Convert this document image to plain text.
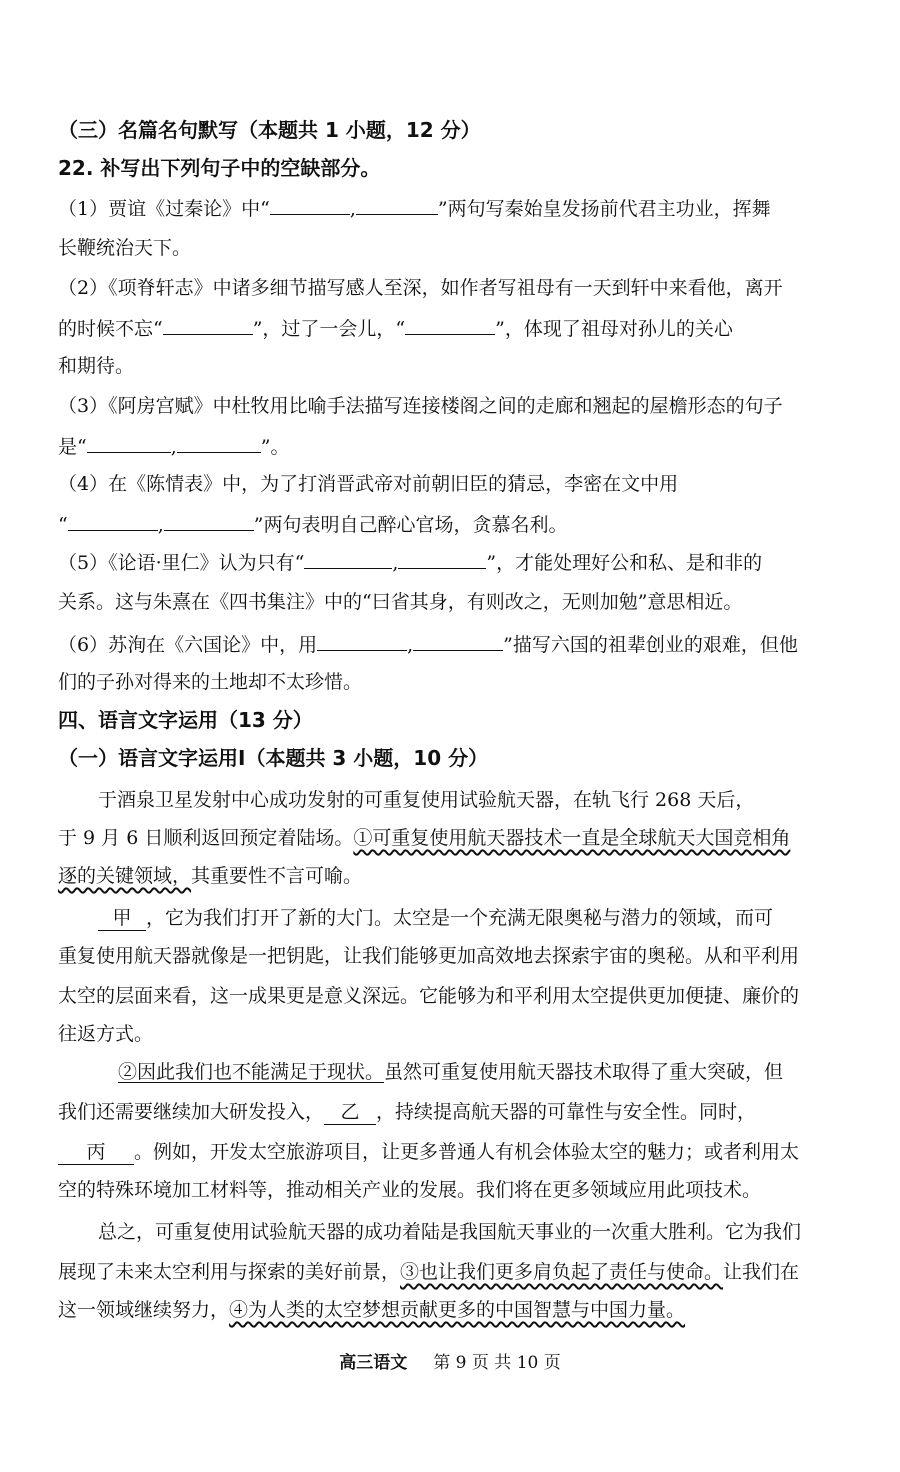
（三）名篇名句默写（本题共 1 小题，12 分）
22. 补写出下列句子中的空缺部分。
（1）贾谊《过秦论》中“	,	”两句写秦始皇发扬前代君主功业，挥舞
长鞭统治天下。
（2）《项脊轩志》中诸多细节描写感人至深，如作者写祖母有一天到轩中来看他，离开
的时候不忘“	”，过了一会儿，“	”，体现了祖母对孙儿的关心
和期待。
（3）《阿房宫赋》中杜牧用比喻手法描写连接楼阁之间的走廊和翘起的屋檐形态的句子
是“	,	”。
（4）在《陈情表》中，为了打消晋武帝对前朝旧臣的猜忌，李密在文中用
“	,	”两句表明自己醉心官场，贪慕名利。
（5）《论语·里仁》认为只有“	,	”，才能处理好公和私、是和非的
关系。这与朱熹在《四书集注》中的“曰省其身，有则改之，无则加勉”意思相近。
（6）苏洵在《六国论》中，用	,	”描写六国的祖辈创业的艰难，但他
们的子孙对得来的土地却不太珍惜。
四、语言文字运用（13 分）
（一）语言文字运用Ⅰ（本题共 3 小题，10 分）
于酒泉卫星发射中心成功发射的可重复使用试验航天器，在轨飞行 268 天后，
于 9 月 6 日顺利返回预定着陆场。①可重复使用航天器技术一直是全球航天大国竞相角
逐的关键领域，其重要性不言可喻。
甲 ，它为我们打开了新的大门。太空是一个充满无限奥秘与潜力的领域，而可
重复使用航天器就像是一把钥匙，让我们能够更加高效地去探索宇宙的奥秘。从和平利用
太空的层面来看，这一成果更是意义深远。它能够为和平利用太空提供更加便捷、廉价的
往返方式。
②因此我们也不能满足于现状。虽然可重复使用航天器技术取得了重大突破，但
我们还需要继续加大研发投入， 乙 ，持续提高航天器的可靠性与安全性。同时，
丙 。例如，开发太空旅游项目，让更多普通人有机会体验太空的魅力；或者利用太
空的特殊环境加工材料等，推动相关产业的发展。我们将在更多领域应用此项技术。
总之，可重复使用试验航天器的成功着陆是我国航天事业的一次重大胜利。它为我们
展现了未来太空利用与探索的美好前景，③也让我们更多肩负起了责任与使命。让我们在
这一领域继续努力，④为人类的太空梦想贡献更多的中国智慧与中国力量。
高三语文 第 9 页 共 10 页
